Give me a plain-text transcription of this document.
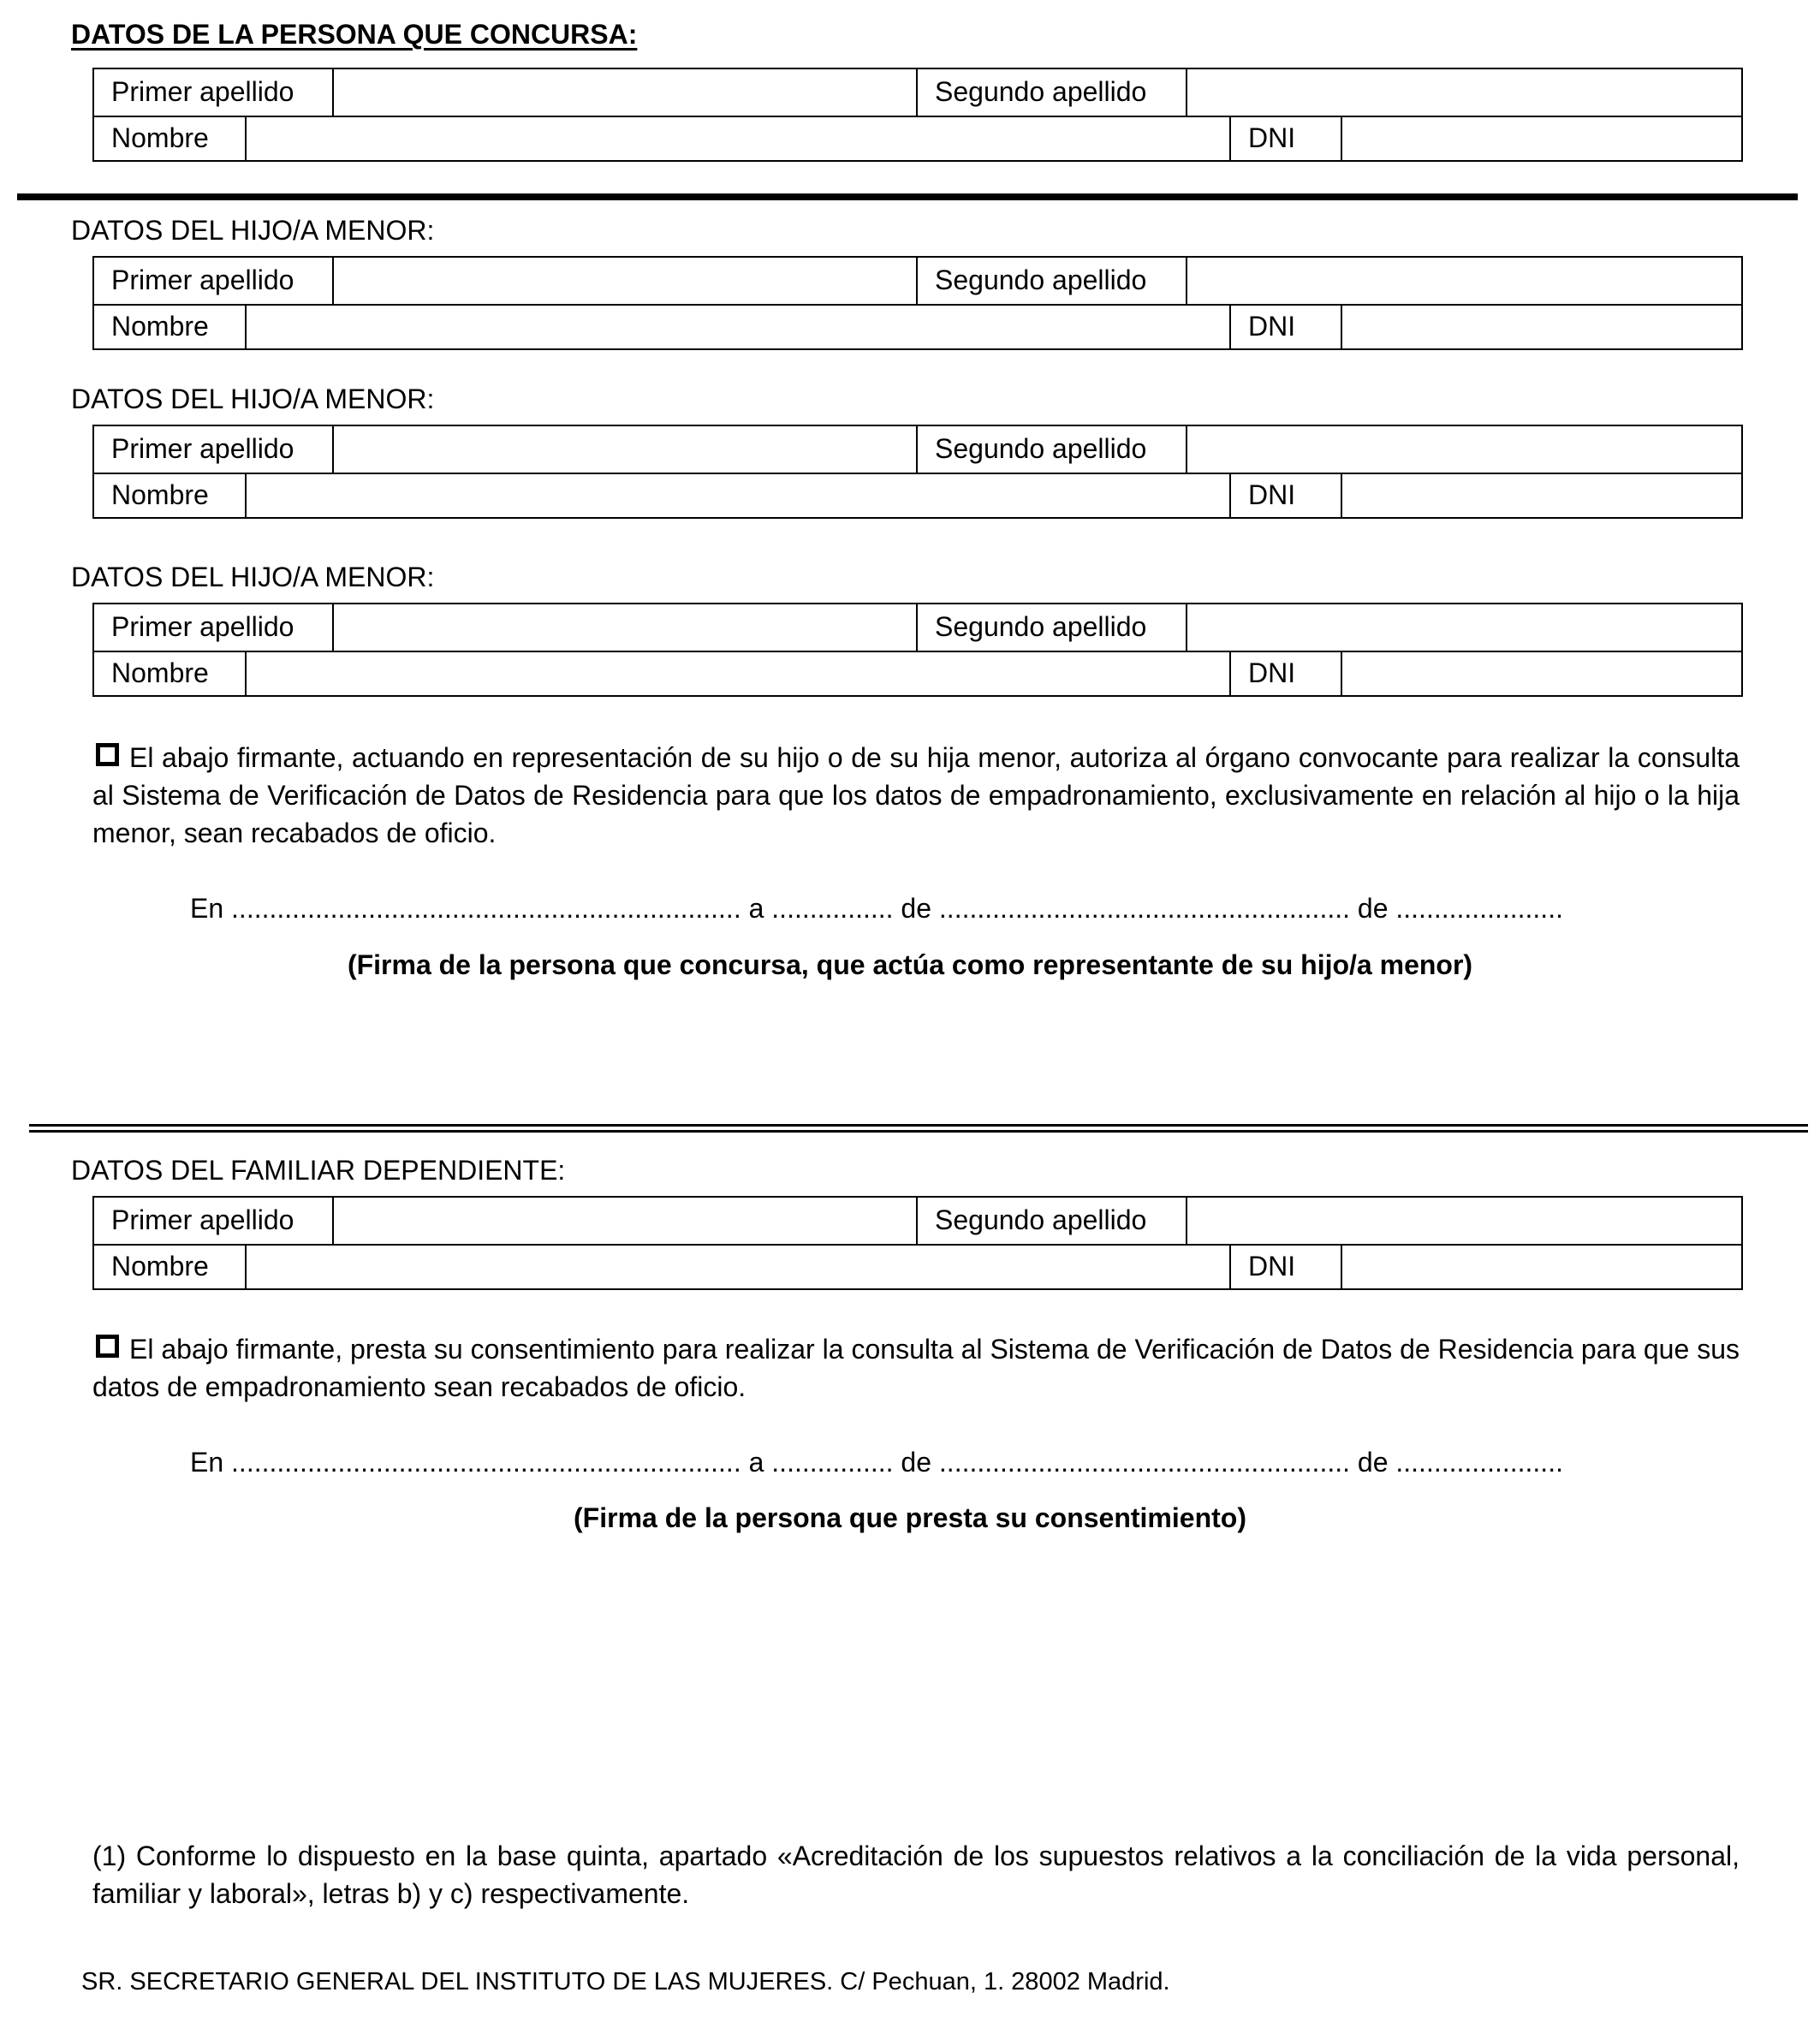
DATOS DE LA PERSONA QUE CONCURSA:
Primer apellido	Segundo apellido
Nombre	DNI
DATOS DEL HIJO/A MENOR:
Primer apellido	Segundo apellido
Nombre	DNI
DATOS DEL HIJO/A MENOR:
Primer apellido	Segundo apellido
Nombre	DNI
DATOS DEL HIJO/A MENOR:
Primer apellido	Segundo apellido
Nombre	DNI
El abajo firmante, actuando en representación de su hijo o de su hija menor, autoriza al órgano convocante para realizar la consulta al Sistema de Verificación de Datos de Residencia para que los datos de empadronamiento, exclusivamente en relación al hijo o la hija menor, sean recabados de oficio.
En ................................................................... a ................ de ...................................................... de ......................
(Firma de la persona que concursa, que actúa como representante de su hijo/a menor)
DATOS DEL FAMILIAR DEPENDIENTE:
Primer apellido	Segundo apellido
Nombre	DNI
El abajo firmante, presta su consentimiento para realizar la consulta al Sistema de Verificación de Datos de Residencia para que sus datos de empadronamiento sean recabados de oficio.
En ................................................................... a ................ de ...................................................... de ......................
(Firma de la persona que presta su consentimiento)
(1) Conforme lo dispuesto en la base quinta, apartado «Acreditación de los supuestos relativos a la conciliación de la vida personal, familiar y laboral», letras b) y c) respectivamente.
SR. SECRETARIO GENERAL DEL INSTITUTO DE LAS MUJERES. C/ Pechuan, 1. 28002 Madrid.
